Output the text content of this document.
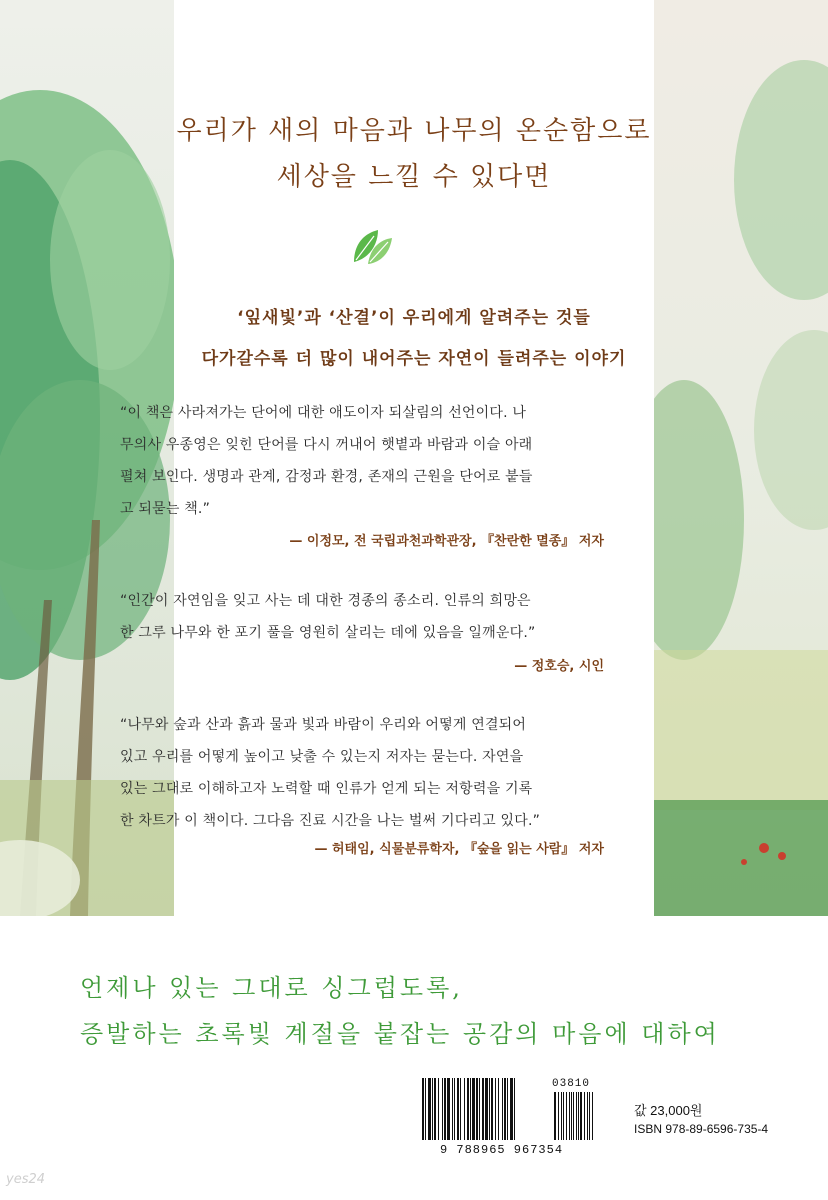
우리가 새의 마음과 나무의 온순함으로
세상을 느낄 수 있다면
‘잎새빛’과 ‘산결’이 우리에게 알려주는 것들
다가갈수록 더 많이 내어주는 자연이 들려주는 이야기
“이 책은 사라져가는 단어에 대한 애도이자 되살림의 선언이다. 나
무의사 우종영은 잊힌 단어를 다시 꺼내어 햇볕과 바람과 이슬 아래
펼쳐 보인다. 생명과 관계, 감정과 환경, 존재의 근원을 단어로 붙들
고 되묻는 책.”
— 이정모, 전 국립과천과학관장, 『찬란한 멸종』 저자
“인간이 자연임을 잊고 사는 데 대한 경종의 종소리. 인류의 희망은
한 그루 나무와 한 포기 풀을 영원히 살리는 데에 있음을 일깨운다.”
— 정호승, 시인
“나무와 숲과 산과 흙과 물과 빛과 바람이 우리와 어떻게 연결되어
있고 우리를 어떻게 높이고 낮출 수 있는지 저자는 묻는다. 자연을
있는 그대로 이해하고자 노력할 때 인류가 얻게 되는 저항력을 기록
한 차트가 이 책이다. 그다음 진료 시간을 나는 벌써 기다리고 있다.”
— 허태임, 식물분류학자, 『숲을 읽는 사람』 저자
언제나 있는 그대로 싱그럽도록,
증발하는 초록빛 계절을 붙잡는 공감의 마음에 대하여
9 788965 967354
03810
값 23,000원
ISBN 978-89-6596-735-4
yes24
